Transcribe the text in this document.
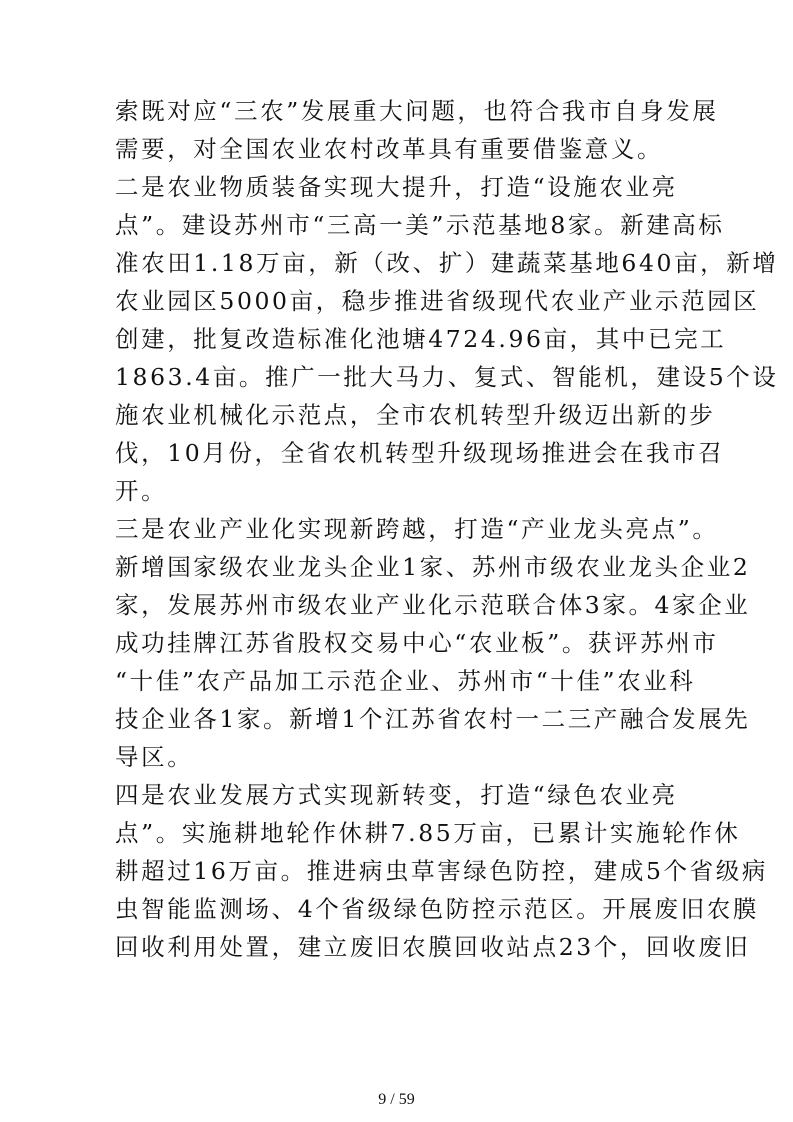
索既对应“三农”发展重大问题，也符合我市自身发展
需要，对全国农业农村改革具有重要借鉴意义。
二是农业物质装备实现大提升，打造“设施农业亮
点”。建设苏州市“三高一美”示范基地8家。新建高标
准农田1.18万亩，新（改、扩）建蔬菜基地640亩，新增
农业园区5000亩，稳步推进省级现代农业产业示范园区
创建，批复改造标准化池塘4724.96亩，其中已完工
1863.4亩。推广一批大马力、复式、智能机，建设5个设
施农业机械化示范点，全市农机转型升级迈出新的步
伐，10月份，全省农机转型升级现场推进会在我市召
开。
三是农业产业化实现新跨越，打造“产业龙头亮点”。
新增国家级农业龙头企业1家、苏州市级农业龙头企业2
家，发展苏州市级农业产业化示范联合体3家。4家企业
成功挂牌江苏省股权交易中心“农业板”。获评苏州市
“十佳”农产品加工示范企业、苏州市“十佳”农业科
技企业各1家。新增1个江苏省农村一二三产融合发展先
导区。
四是农业发展方式实现新转变，打造“绿色农业亮
点”。实施耕地轮作休耕7.85万亩，已累计实施轮作休
耕超过16万亩。推进病虫草害绿色防控，建成5个省级病
虫智能监测场、4个省级绿色防控示范区。开展废旧农膜
回收利用处置，建立废旧农膜回收站点23个，回收废旧
9 / 59
